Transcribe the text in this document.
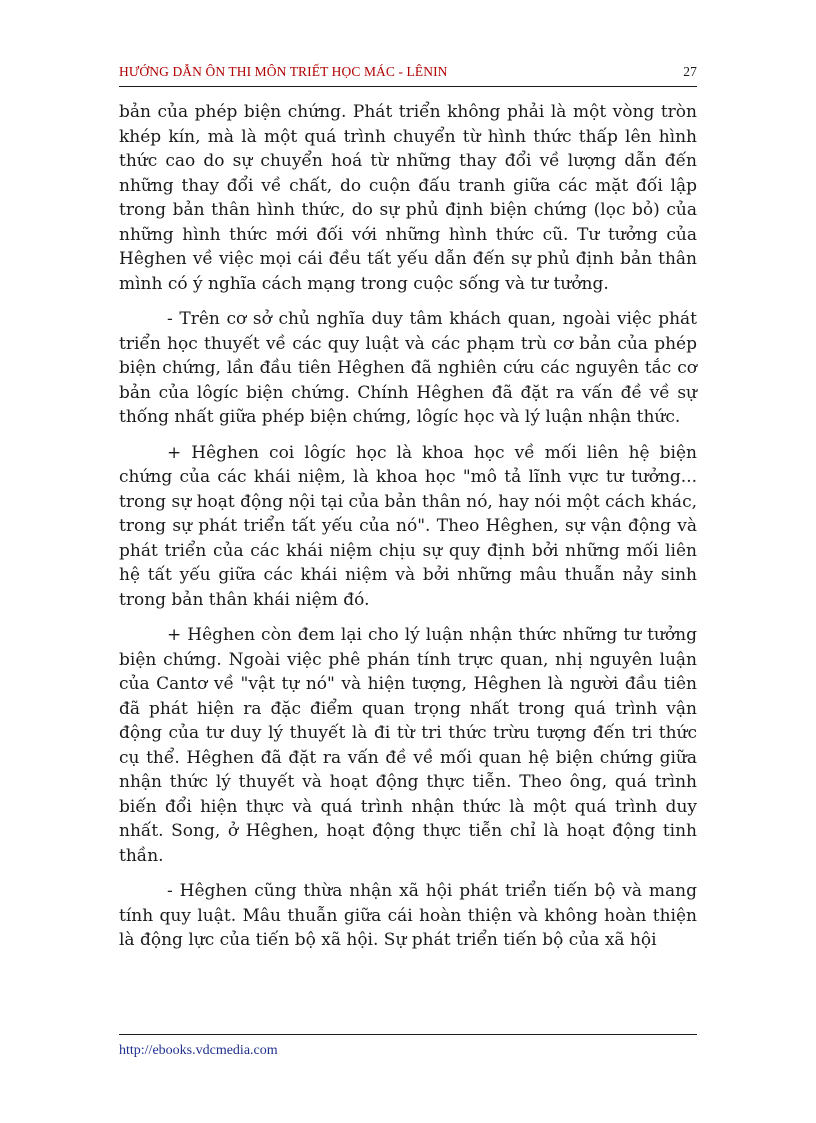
HƯỚNG DẪN ÔN THI MÔN TRIẾT HỌC MÁC - LÊNIN	27

bản của phép biện chứng. Phát triển không phải là một vòng tròn khép kín, mà là một quá trình chuyển từ hình thức thấp lên hình thức cao do sự chuyển hoá từ những thay đổi về lượng dẫn đến những thay đổi về chất, do cuộn đấu tranh giữa các mặt đối lập trong bản thân hình thức, do sự phủ định biện chứng (lọc bỏ) của những hình thức mới đối với những hình thức cũ. Tư tưởng của Hêghen về việc mọi cái đều tất yếu dẫn đến sự phủ định bản thân mình có ý nghĩa cách mạng trong cuộc sống và tư tưởng.

- Trên cơ sở chủ nghĩa duy tâm khách quan, ngoài việc phát triển học thuyết về các quy luật và các phạm trù cơ bản của phép biện chứng, lần đầu tiên Hêghen đã nghiên cứu các nguyên tắc cơ bản của lôgíc biện chứng. Chính Hêghen đã đặt ra vấn đề về sự thống nhất giữa phép biện chứng, lôgíc học và lý luận nhận thức.

+ Hêghen coi lôgíc học là khoa học về mối liên hệ biện chứng của các khái niệm, là khoa học "mô tả lĩnh vực tư tưởng... trong sự hoạt động nội tại của bản thân nó, hay nói một cách khác, trong sự phát triển tất yếu của nó". Theo Hêghen, sự vận động và phát triển của các khái niệm chịu sự quy định bởi những mối liên hệ tất yếu giữa các khái niệm và bởi những mâu thuẫn nảy sinh trong bản thân khái niệm đó.

+ Hêghen còn đem lại cho lý luận nhận thức những tư tưởng biện chứng. Ngoài việc phê phán tính trực quan, nhị nguyên luận của Cantơ về "vật tự nó" và hiện tượng, Hêghen là người đầu tiên đã phát hiện ra đặc điểm quan trọng nhất trong quá trình vận động của tư duy lý thuyết là đi từ tri thức trừu tượng đến tri thức cụ thể. Hêghen đã đặt ra vấn đề về mối quan hệ biện chứng giữa nhận thức lý thuyết và hoạt động thực tiễn. Theo ông, quá trình biến đổi hiện thực và quá trình nhận thức là một quá trình duy nhất. Song, ở Hêghen, hoạt động thực tiễn chỉ là hoạt động tinh thần.

- Hêghen cũng thừa nhận xã hội phát triển tiến bộ và mang tính quy luật. Mâu thuẫn giữa cái hoàn thiện và không hoàn thiện là động lực của tiến bộ xã hội. Sự phát triển tiến bộ của xã hội

http://ebooks.vdcmedia.com
